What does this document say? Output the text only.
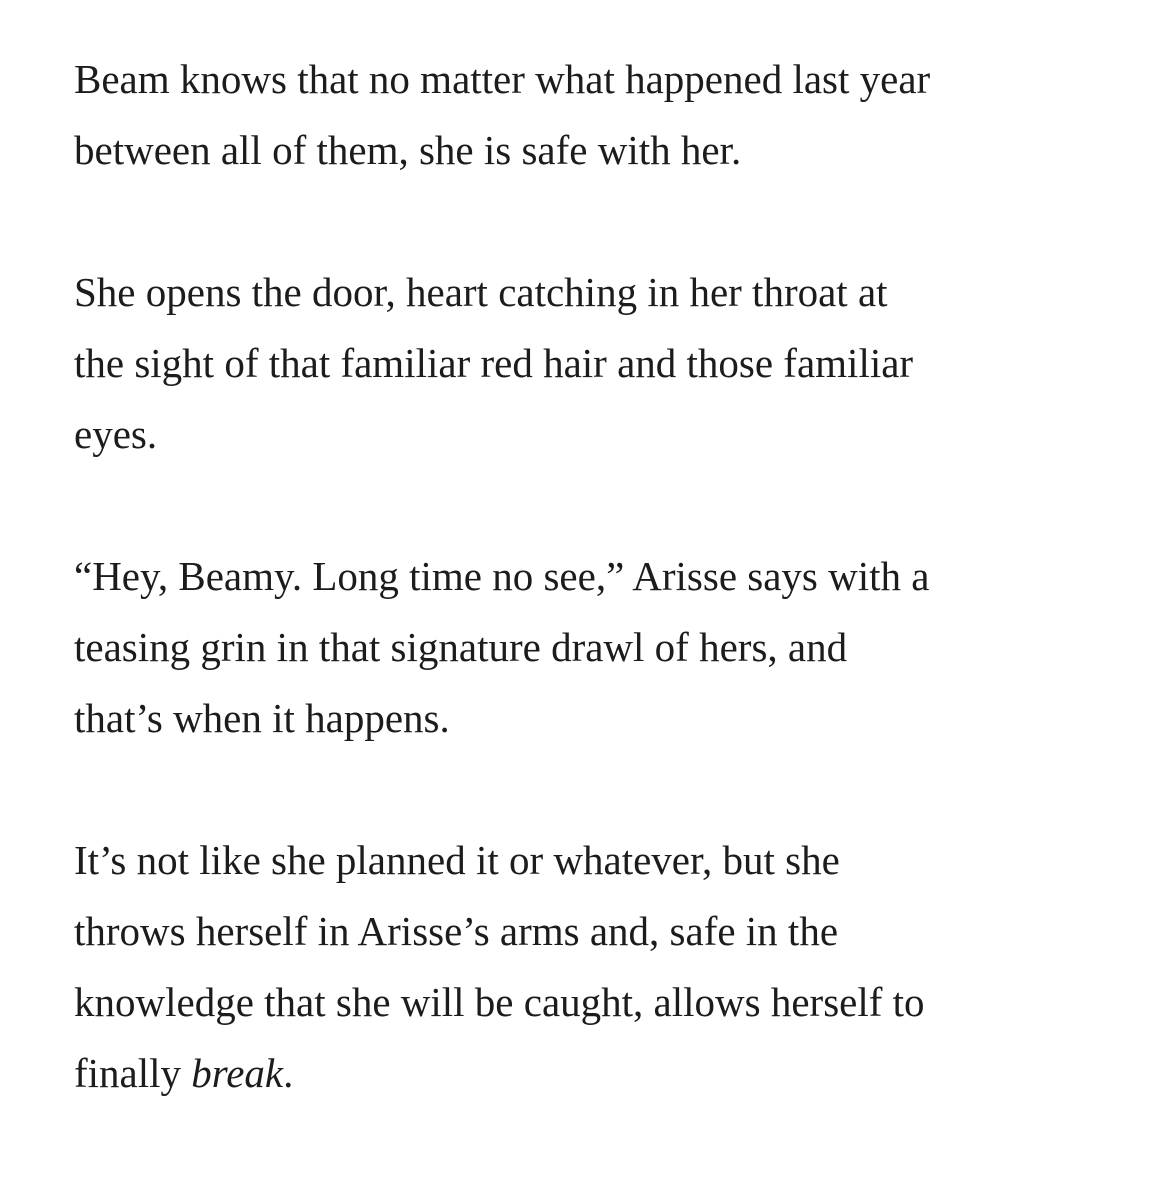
Beam knows that no matter what happened last year
between all of them, she is safe with her.

She opens the door, heart catching in her throat at
the sight of that familiar red hair and those familiar
eyes.

“Hey, Beamy. Long time no see,” Arisse says with a
teasing grin in that signature drawl of hers, and
that’s when it happens.

It’s not like she planned it or whatever, but she
throws herself in Arisse’s arms and, safe in the
knowledge that she will be caught, allows herself to
finally break.
